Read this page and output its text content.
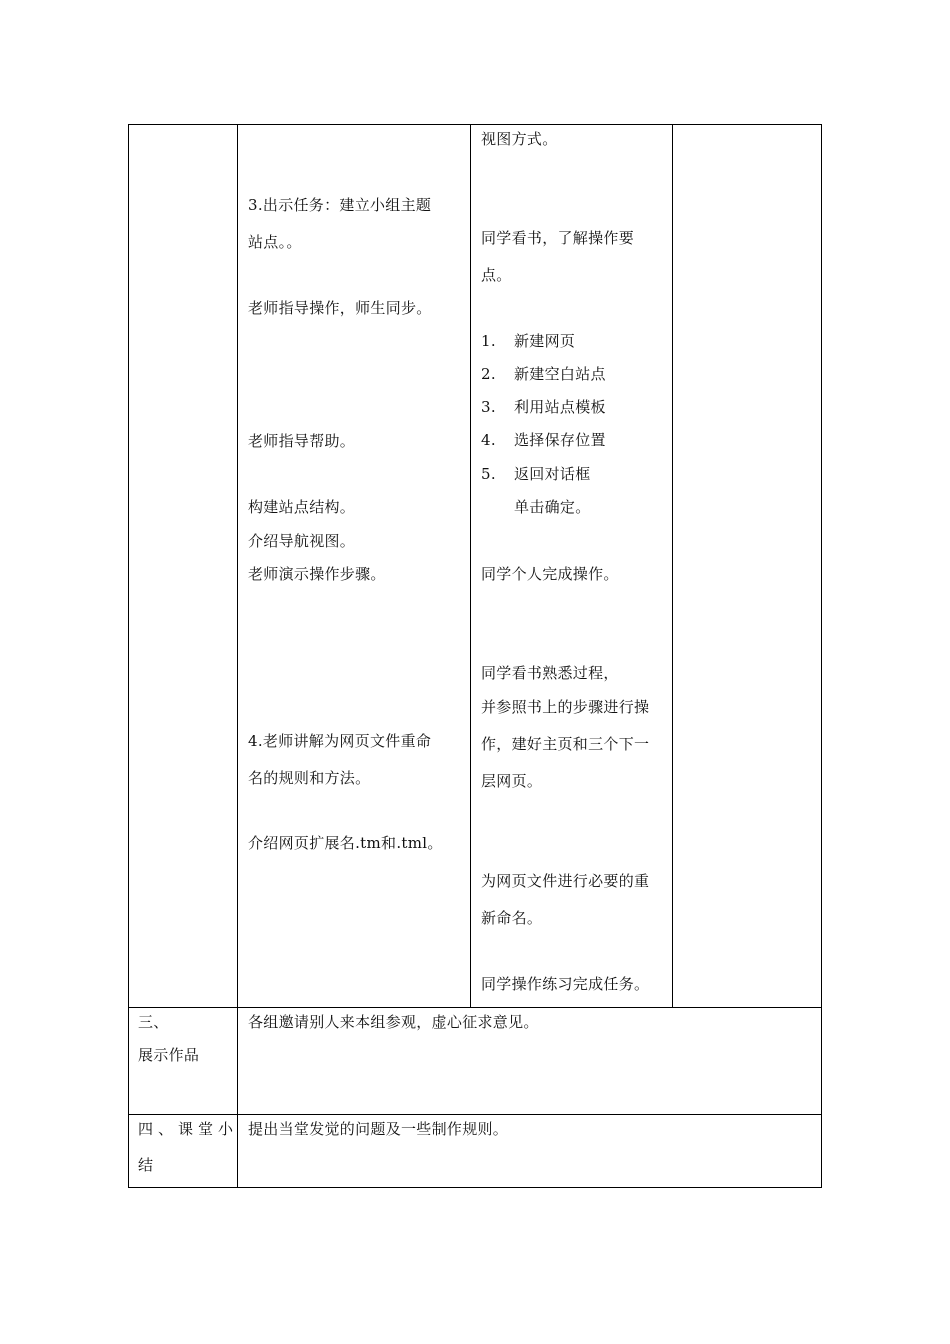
3.出示任务：建立小组主题
站点。。
老师指导操作，师生同步。
老师指导帮助。
构建站点结构。
介绍导航视图。
老师演示操作步骤。
4.老师讲解为网页文件重命
名的规则和方法。
介绍网页扩展名.tm和.tml。
视图方式。
同学看书，了解操作要
点。
1. 新建网页
2. 新建空白站点
3. 利用站点模板
4. 选择保存位置
5. 返回对话框
单击确定。
同学个人完成操作。
同学看书熟悉过程，
并参照书上的步骤进行操
作，建好主页和三个下一
层网页。
为网页文件进行必要的重
新命名。
同学操作练习完成任务。
三、
展示作品
各组邀请别人来本组参观，虚心征求意见。
四、课堂小
结
提出当堂发觉的问题及一些制作规则。
